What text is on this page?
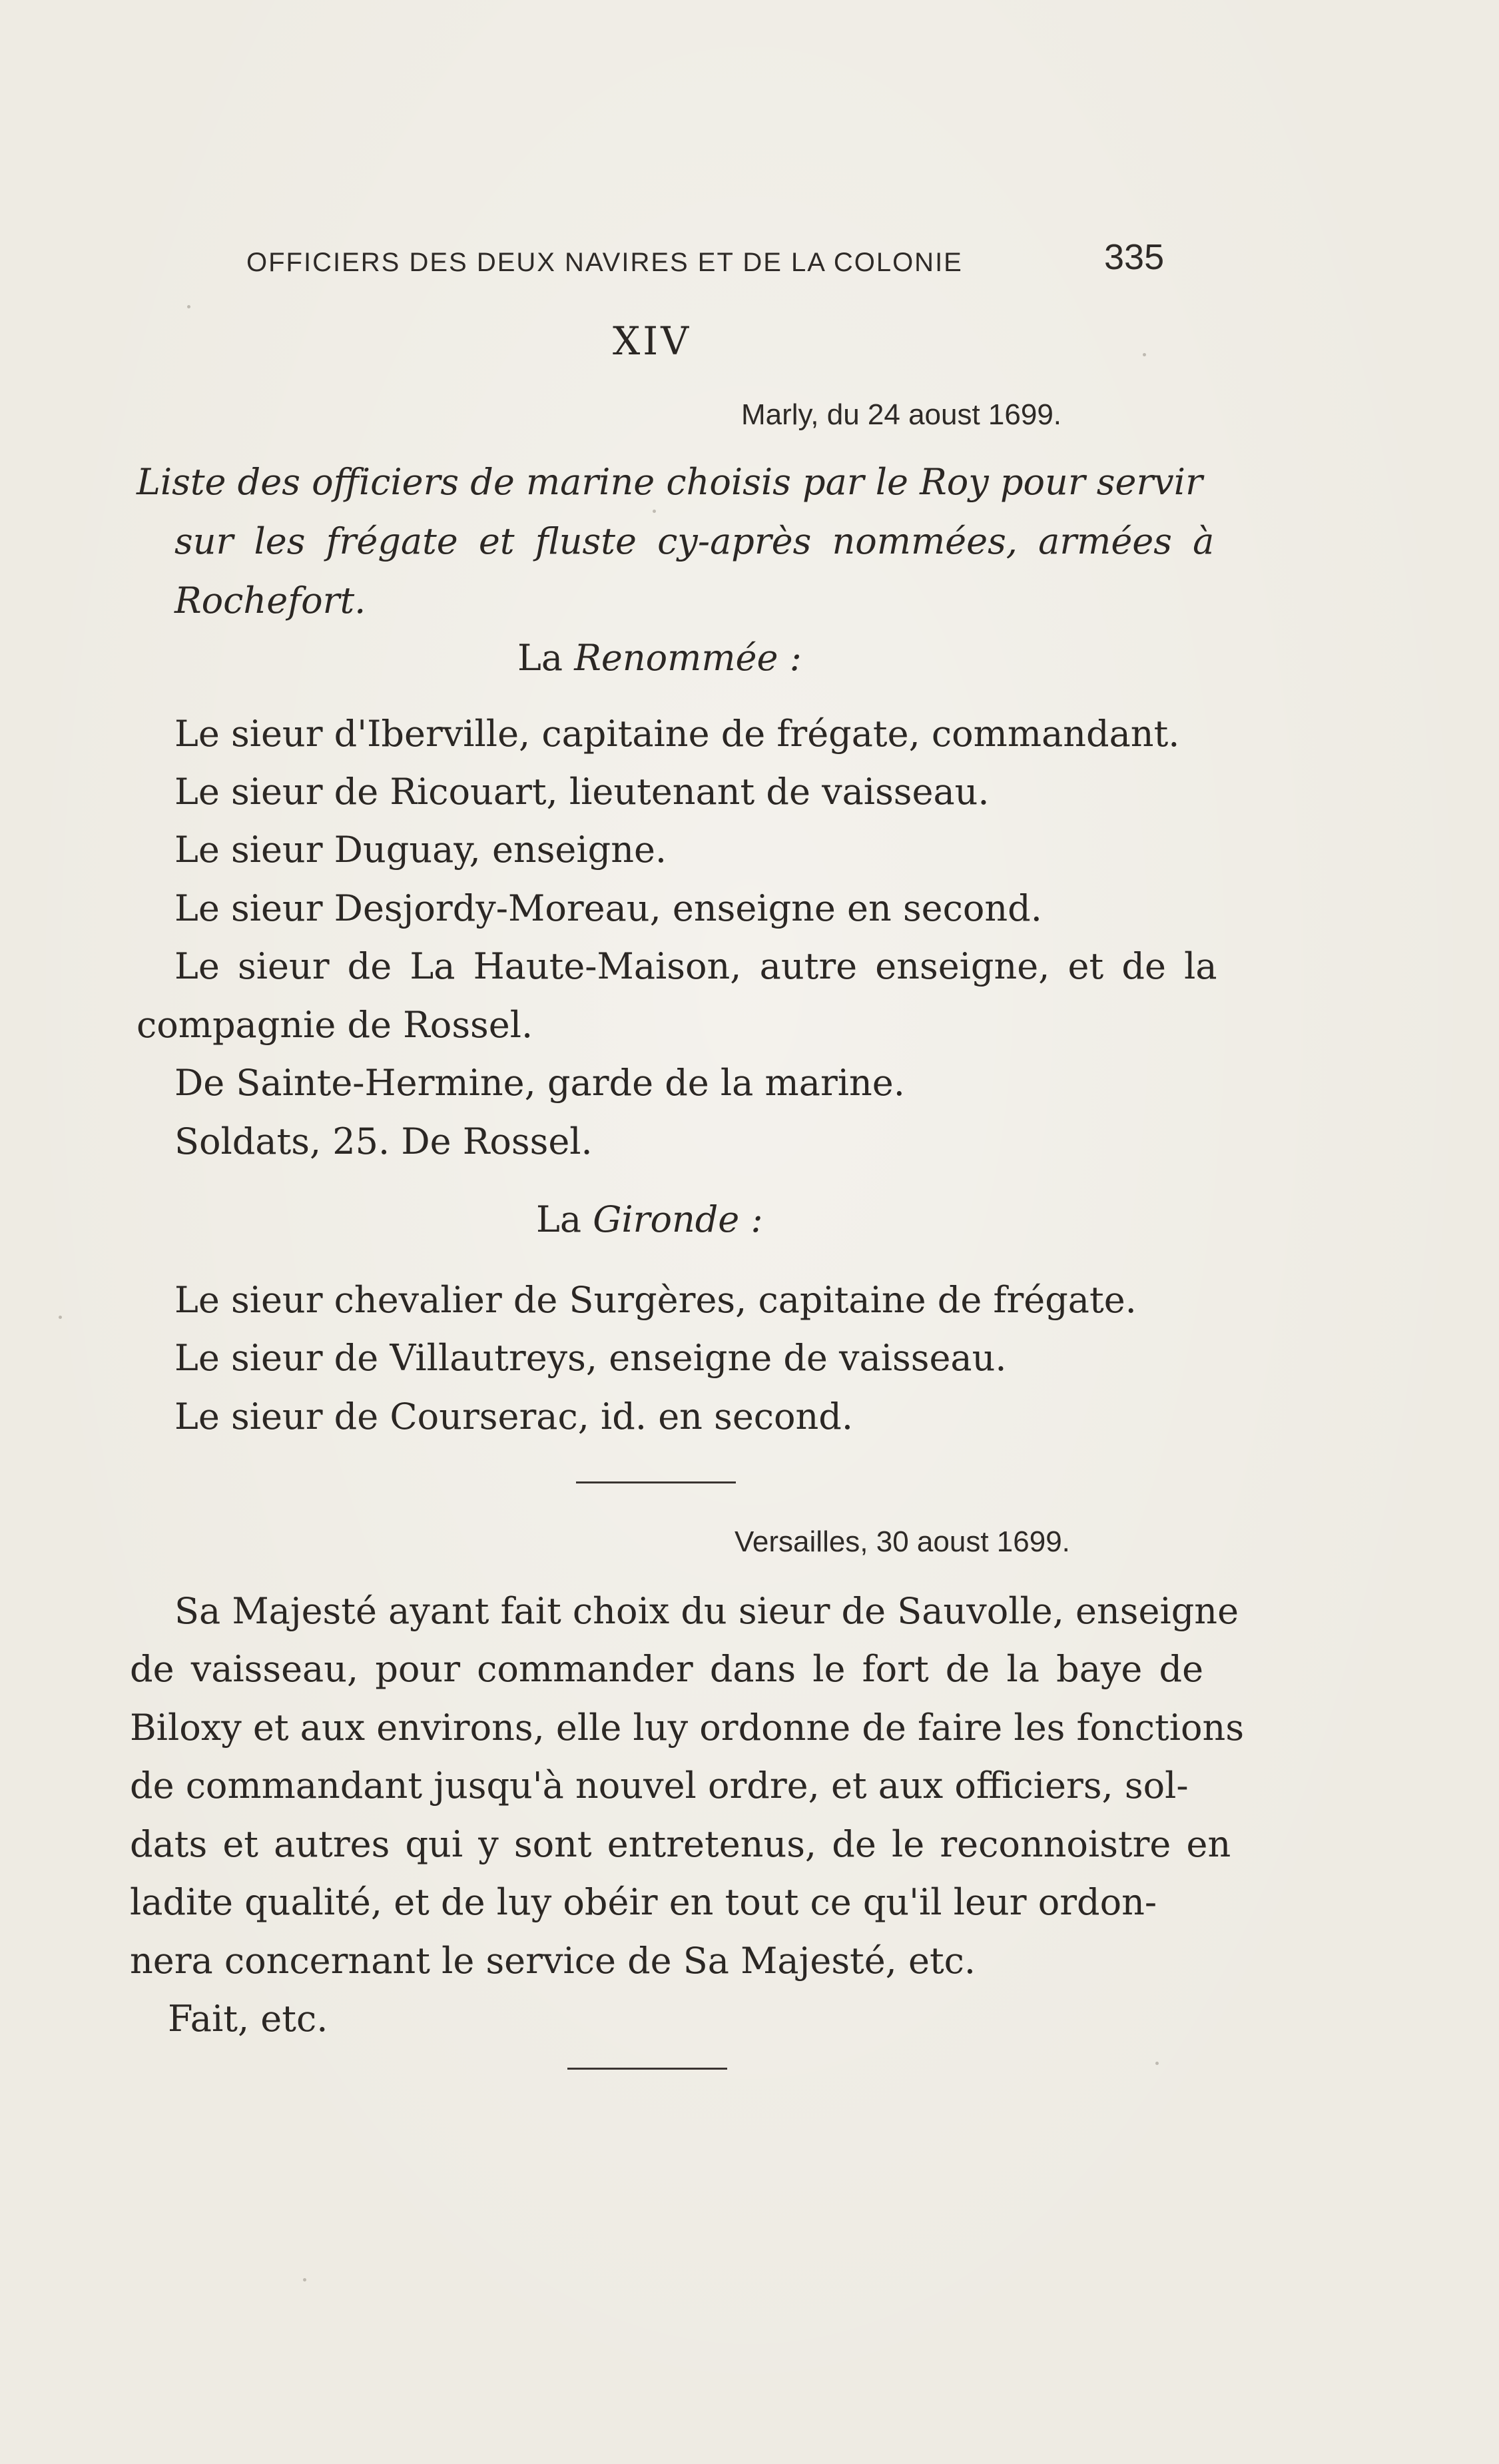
OFFICIERS DES DEUX NAVIRES ET DE LA COLONIE	335
XIV
Marly, du 24 aoust 1699.
Liste des officiers de marine choisis par le Roy pour servir
sur les frégate et fluste cy-après nommées, armées à
Rochefort.
La Renommée :
Le sieur d'Iberville, capitaine de frégate, commandant.
Le sieur de Ricouart, lieutenant de vaisseau.
Le sieur Duguay, enseigne.
Le sieur Desjordy-Moreau, enseigne en second.
Le sieur de La Haute-Maison, autre enseigne, et de la
compagnie de Rossel.
De Sainte-Hermine, garde de la marine.
Soldats, 25. De Rossel.
La Gironde :
Le sieur chevalier de Surgères, capitaine de frégate.
Le sieur de Villautreys, enseigne de vaisseau.
Le sieur de Courserac, id. en second.
Versailles, 30 aoust 1699.
Sa Majesté ayant fait choix du sieur de Sauvolle, enseigne
de vaisseau, pour commander dans le fort de la baye de
Biloxy et aux environs, elle luy ordonne de faire les fonctions
de commandant jusqu'à nouvel ordre, et aux officiers, sol-
dats et autres qui y sont entretenus, de le reconnoistre en
ladite qualité, et de luy obéir en tout ce qu'il leur ordon-
nera concernant le service de Sa Majesté, etc.
Fait, etc.
